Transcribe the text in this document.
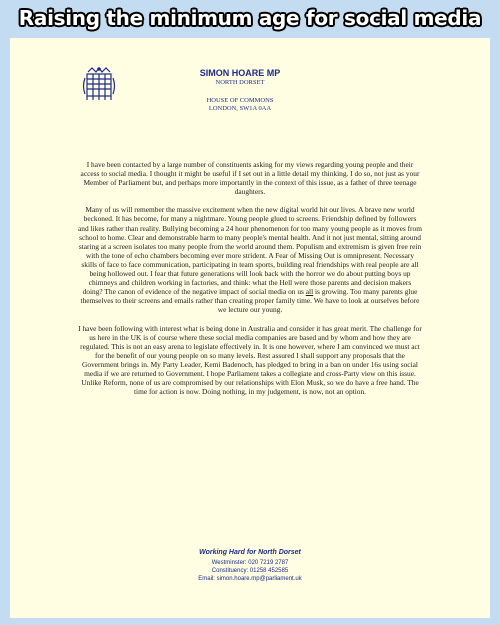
Raising the minimum age for social media
SIMON HOARE MP
NORTH DORSET
HOUSE OF COMMONS
LONDON, SW1A 0AA

I have been contacted by a large number of constituents asking for my views regarding young people and their access to social media. I thought it might be useful if I set out in a little detail my thinking. I do so, not just as your Member of Parliament but, and perhaps more importantly in the context of this issue, as a father of three teenage daughters.

Many of us will remember the massive excitement when the new digital world hit our lives. A brave new world beckoned. It has become, for many a nightmare. Young people glued to screens. Friendship defined by followers and likes rather than reality. Bullying becoming a 24 hour phenomenon for too many young people as it moves from school to home. Clear and demonstrable harm to many people's mental health. And it not just mental, sitting around staring at a screen isolates too many people from the world around them. Populism and extremism is given free rein with the tone of echo chambers becoming ever more strident. A Fear of Missing Out is omnipresent. Necessary skills of face to face communication, participating in team sports, building real friendships with real people are all being hollowed out. I fear that future generations will look back with the horror we do about putting boys up chimneys and children working in factories, and think: what the Hell were those parents and decision makers doing? The canon of evidence of the negative impact of social media on us all is growing. Too many parents glue themselves to their screens and emails rather than creating proper family time. We have to look at ourselves before we lecture our young.

I have been following with interest what is being done in Australia and consider it has great merit. The challenge for us here in the UK is of course where these social media companies are based and by whom and how they are regulated. This is not an easy arena to legislate effectively in. It is one however, where I am convinced we must act for the benefit of our young people on so many levels. Rest assured I shall support any proposals that the Government brings in. My Party Leader, Kemi Badenoch, has pledged to bring in a ban on under 16s using social media if we are returned to Government. I hope Parliament takes a collegiate and cross-Party view on this issue. Unlike Reform, none of us are compromised by our relationships with Elon Musk, so we do have a free hand. The time for action is now. Doing nothing, in my judgement, is now, not an option.

Working Hard for North Dorset
Westminster: 020 7219 2787
Constituency: 01258 452585
Email: simon.hoare.mp@parliament.uk
